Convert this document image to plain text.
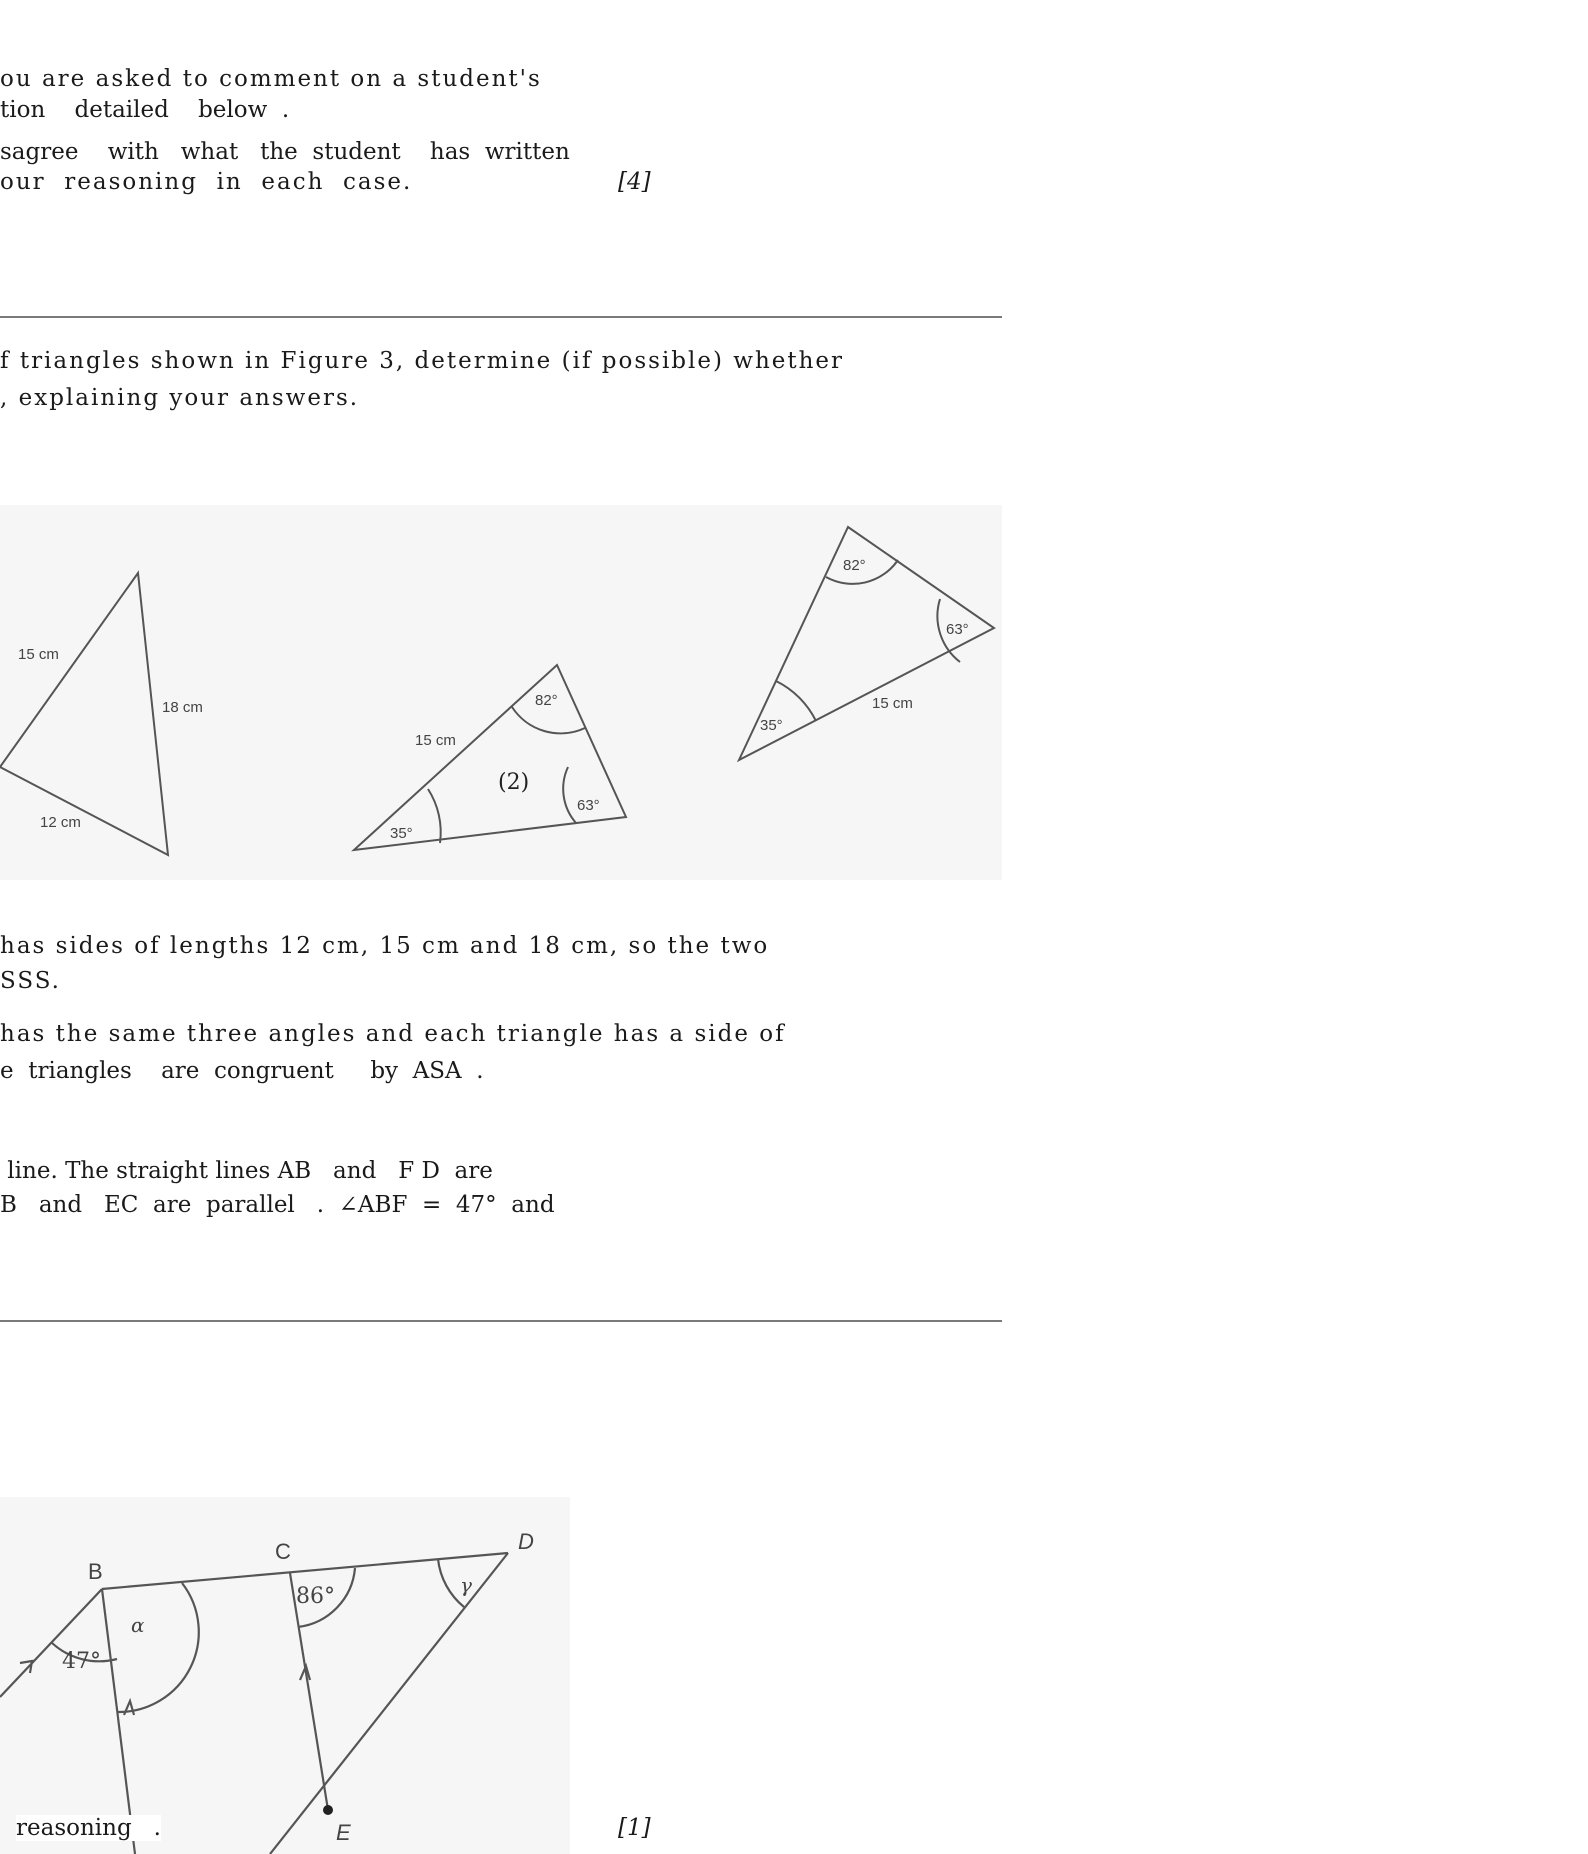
ou are asked to comment on a student's
tion    detailed    below  .
sagree    with   what   the  student    has  written
our  reasoning  in  each  case.	[4]
f triangles shown in Figure 3, determine (if possible) whether
, explaining your answers.
15 cm
18 cm
12 cm
15 cm
82°
63°
35°
(2)
82°
63°
15 cm
35°
has sides of lengths 12 cm, 15 cm and 18 cm, so the two
SSS.
has the same three angles and each triangle has a side of
e  triangles    are  congruent     by  ASA  .
line. The straight lines AB   and   F D  are
B   and   EC  are  parallel   .  ∠ABF  =  47°  and
B
C	D
E
47°
α
86°	γ
reasoning   .	[1]
